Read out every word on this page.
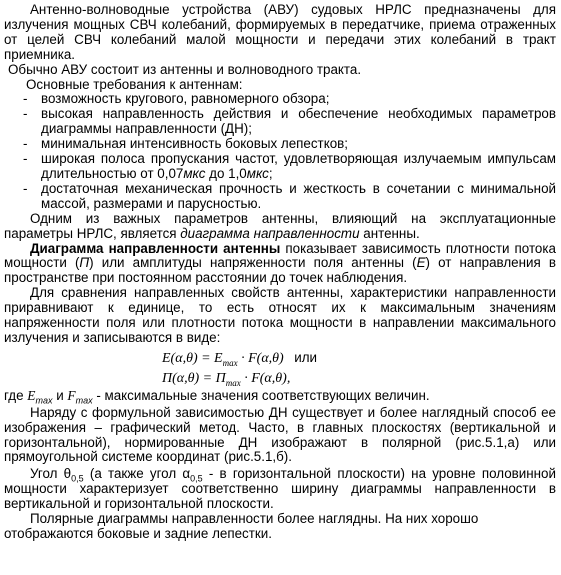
Антенно-волноводные устройства (АВУ) судовых НРЛС предназначены для излучения мощных СВЧ колебаний, формируемых в передатчике, приема отраженных от целей СВЧ колебаний малой мощности и передачи этих колебаний в тракт приемника.

Обычно АВУ состоит из антенны и волноводного тракта.

Основные требования к антеннам:

- возможность кругового, равномерного обзора;
- высокая направленность действия и обеспечение необходимых параметров диаграммы направленности (ДН);
- минимальная интенсивность боковых лепестков;
- широкая полоса пропускания частот, удовлетворяющая излучаемым импульсам длительностью от 0,07мкс до 1,0мкс;
- достаточная механическая прочность и жесткость в сочетании с минимальной массой, размерами и парусностью.

Одним из важных параметров антенны, влияющий на эксплуатационные параметры НРЛС, является диаграмма направленности антенны.

Диаграмма направленности антенны показывает зависимость плотности потока мощности (П) или амплитуды напряженности поля антенны (Е) от направления в пространстве при постоянном расстоянии до точек наблюдения.

Для сравнения направленных свойств антенны, характеристики направленности приравнивают к единице, то есть относят их к максимальным значениям напряженности поля или плотности потока мощности в направлении максимального излучения и записываются в виде:

$E(\alpha,\theta) = E_{max} \cdot F(\alpha,\theta)$ или
$П(\alpha,\theta) = П_{max} \cdot F(\alpha,\theta)$,

где $E_{max}$ и $F_{max}$ - максимальные значения соответствующих величин.

Наряду с формульной зависимостью ДН существует и более наглядный способ ее изображения – графический метод. Часто, в главных плоскостях (вертикальной и горизонтальной), нормированные ДН изображают в полярной (рис.5.1,а) или прямоугольной системе координат (рис.5.1,б).

Угол $\theta_{0,5}$ (а также угол $\alpha_{0,5}$ - в горизонтальной плоскости) на уровне половинной мощности характеризует соответственно ширину диаграммы направленности в вертикальной и горизонтальной плоскости.

Полярные диаграммы направленности более наглядны. На них хорошо отображаются боковые и задние лепестки.
